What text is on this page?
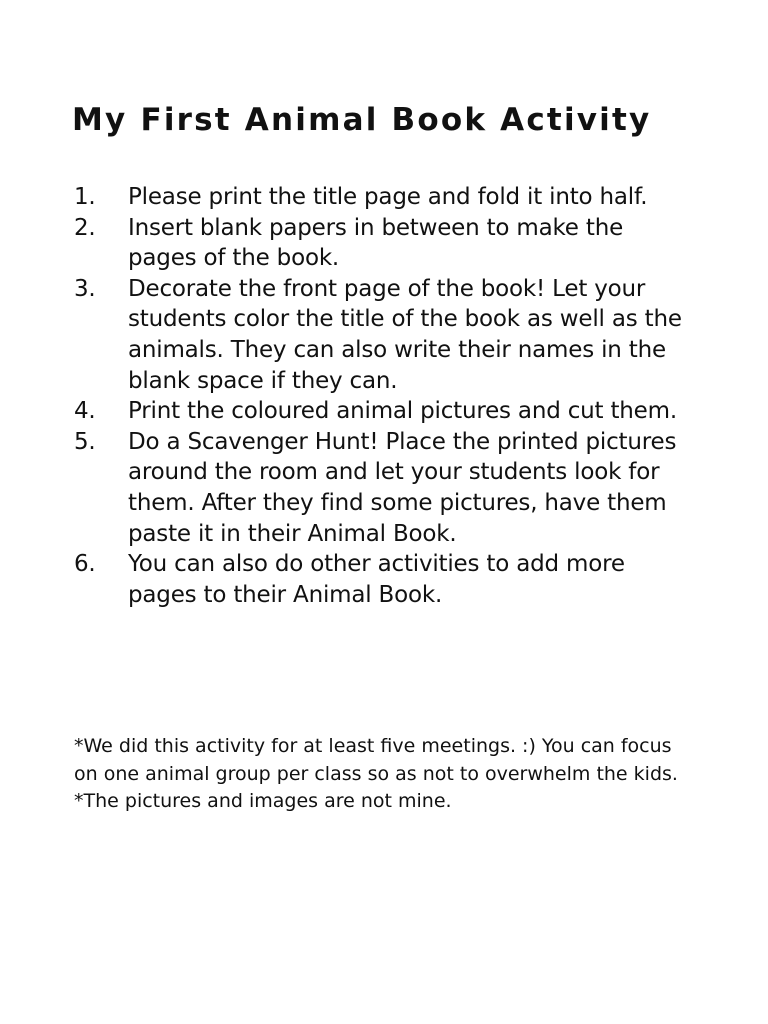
My First Animal Book Activity
1.	Please print the title page and fold it into half.
2.	Insert blank papers in between to make the pages of the book.
3.	Decorate the front page of the book! Let your students color the title of the book as well as the animals. They can also write their names in the blank space if they can.
4.	Print the coloured animal pictures and cut them.
5.	Do a Scavenger Hunt! Place the printed pictures around the room and let your students look for them. After they find some pictures, have them paste it in their Animal Book.
6.	You can also do other activities to add more pages to their Animal Book.

*We did this activity for at least five meetings. :) You can focus on one animal group per class so as not to overwhelm the kids.

*The pictures and images are not mine.
